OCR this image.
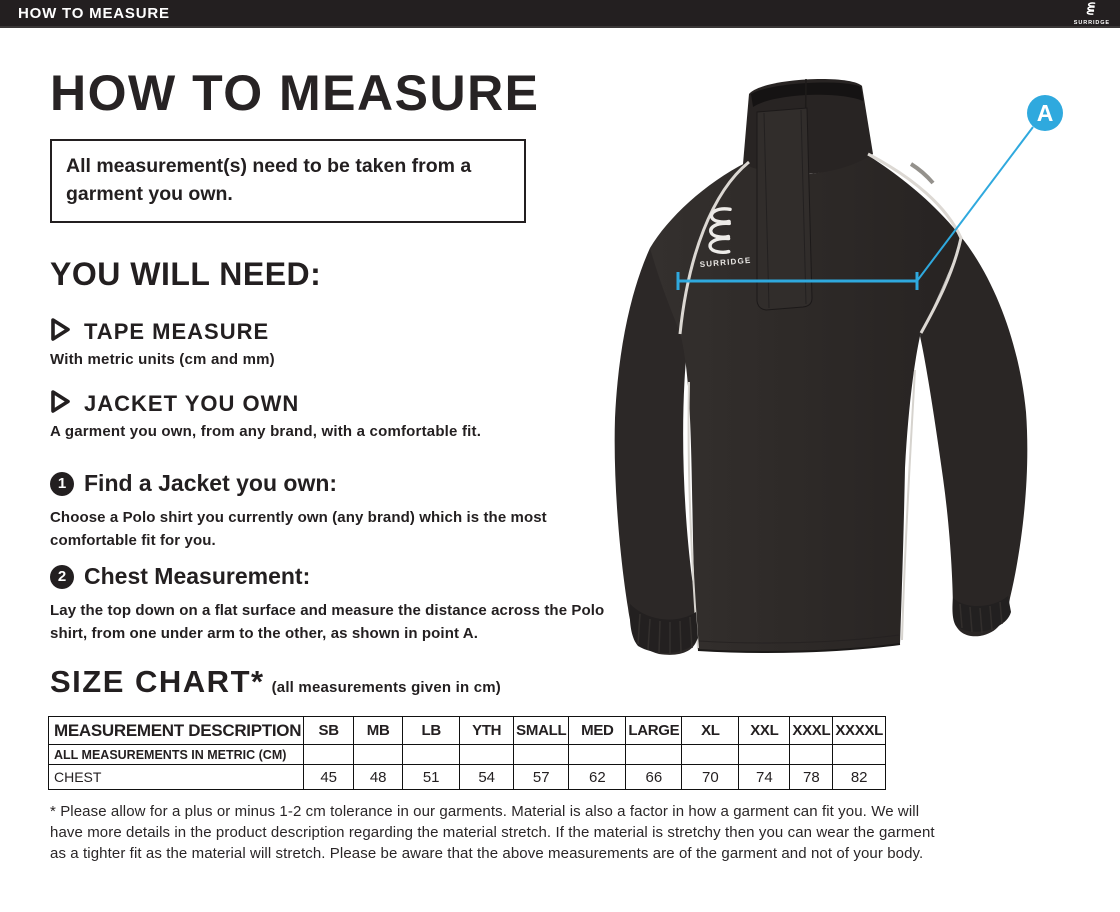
HOW TO MEASURE
SURRIDGE
HOW TO MEASURE
All measurement(s) need to be taken from a garment you own.
YOU WILL NEED:
TAPE MEASURE
With metric units (cm and mm)
JACKET YOU OWN
A garment you own, from any brand, with a comfortable fit.
1 Find a Jacket you own:
Choose a Polo shirt you currently own (any brand) which is the most comfortable fit for you.
2 Chest Measurement:
Lay the top down on a flat surface and measure the distance across the Polo shirt, from one under arm to the other, as shown in point A.
SIZE CHART* (all measurements given in cm)
MEASUREMENT DESCRIPTION	SB	MB	LB	YTH	SMALL	MED	LARGE	XL	XXL	XXXL	XXXXL
ALL MEASUREMENTS IN METRIC (CM)											
CHEST	45	48	51	54	57	62	66	70	74	78	82
* Please allow for a plus or minus 1-2 cm tolerance in our garments. Material is also a factor in how a garment can fit you. We will have more details in the product description regarding the material stretch. If the material is stretchy then you can wear the garment as a tighter fit as the material will stretch. Please be aware that the above measurements are of the garment and not of your body.
SURRIDGE
A
